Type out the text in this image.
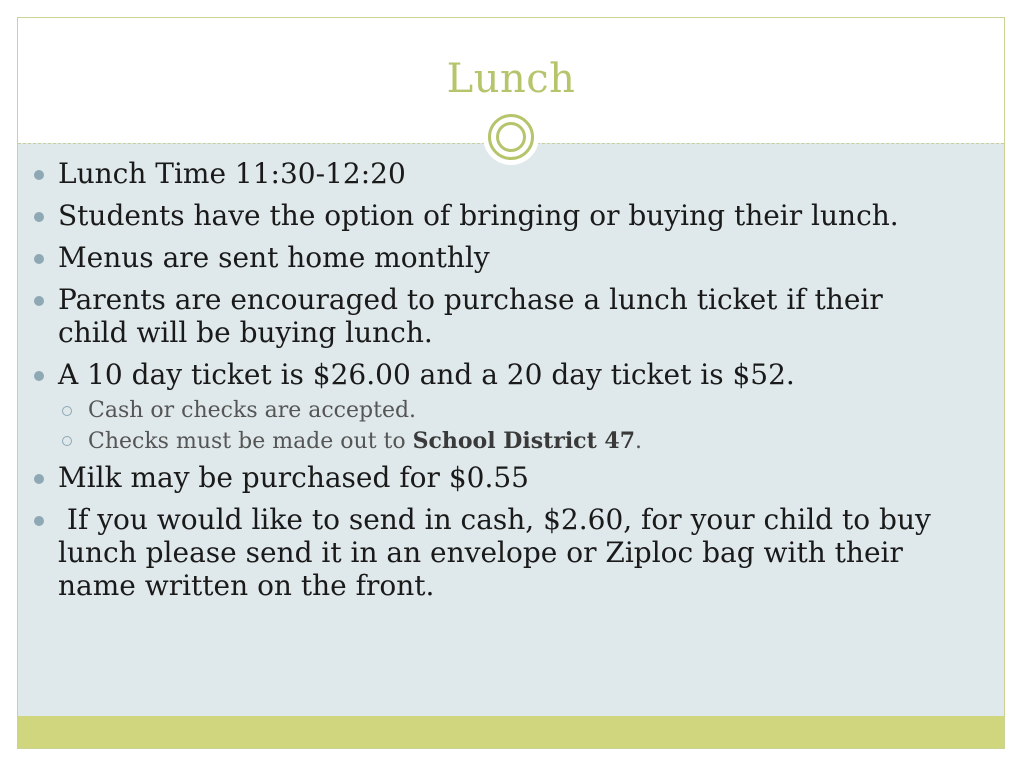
Lunch
Lunch Time 11:30-12:20
Students have the option of bringing or buying their lunch.
Menus are sent home monthly
Parents are encouraged to purchase a lunch ticket if their child will be buying lunch.
A 10 day ticket is $26.00 and a 20 day ticket is $52.
Cash or checks are accepted.
Checks must be made out to School District 47.
Milk may be purchased for $0.55
If you would like to send in cash, $2.60, for your child to buy lunch please send it in an envelope or Ziploc bag with their name written on the front.
